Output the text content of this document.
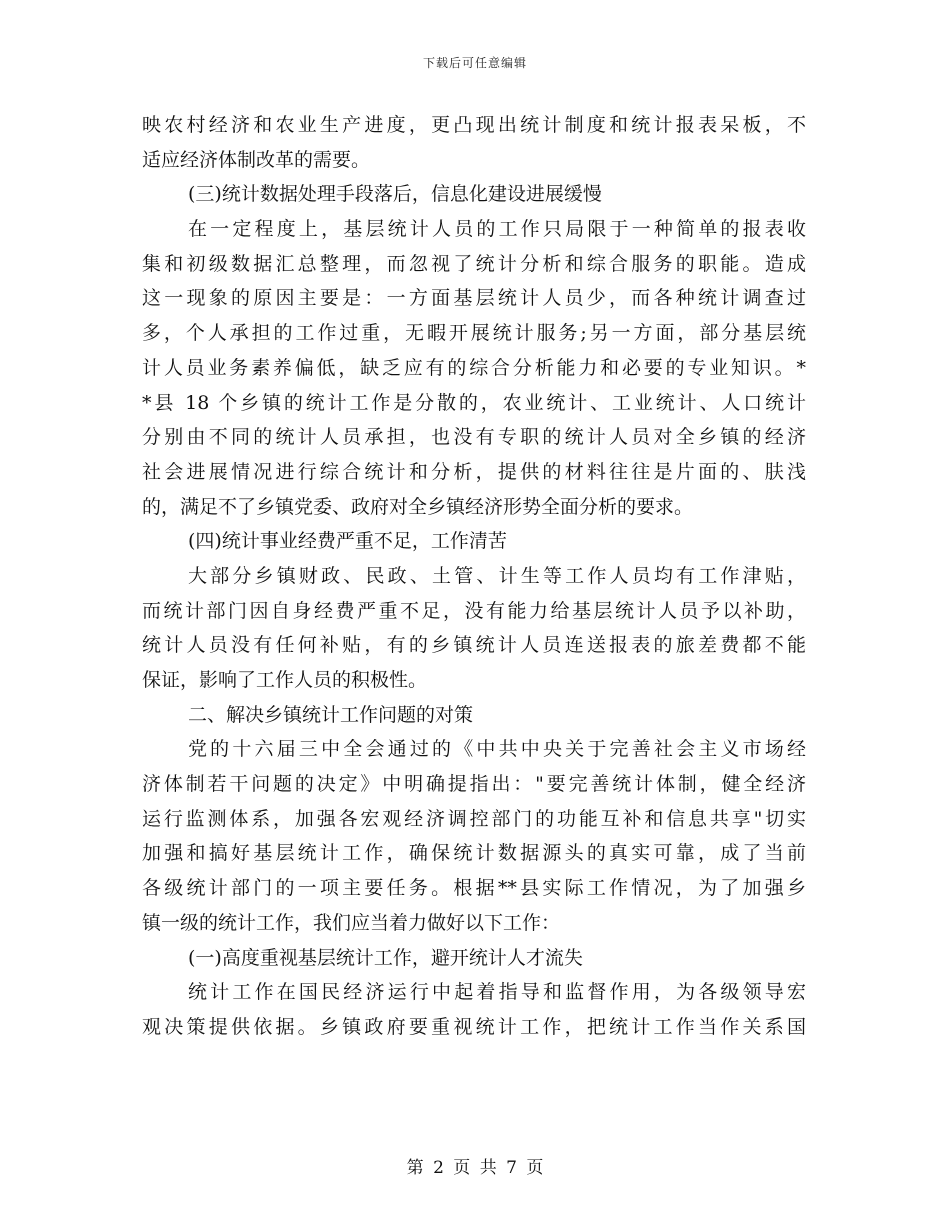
下载后可任意编辑
映农村经济和农业生产进度，更凸现出统计制度和统计报表呆板，不
适应经济体制改革的需要。
(三)统计数据处理手段落后，信息化建设进展缓慢
在一定程度上，基层统计人员的工作只局限于一种简单的报表收
集和初级数据汇总整理，而忽视了统计分析和综合服务的职能。造成
这一现象的原因主要是：一方面基层统计人员少，而各种统计调查过
多，个人承担的工作过重，无暇开展统计服务;另一方面，部分基层统
计人员业务素养偏低，缺乏应有的综合分析能力和必要的专业知识。*
*县 18 个乡镇的统计工作是分散的，农业统计、工业统计、人口统计
分别由不同的统计人员承担，也没有专职的统计人员对全乡镇的经济
社会进展情况进行综合统计和分析，提供的材料往往是片面的、肤浅
的，满足不了乡镇党委、政府对全乡镇经济形势全面分析的要求。
(四)统计事业经费严重不足，工作清苦
大部分乡镇财政、民政、土管、计生等工作人员均有工作津贴，
而统计部门因自身经费严重不足，没有能力给基层统计人员予以补助，
统计人员没有任何补贴，有的乡镇统计人员连送报表的旅差费都不能
保证，影响了工作人员的积极性。
二、解决乡镇统计工作问题的对策
党的十六届三中全会通过的《中共中央关于完善社会主义市场经
济体制若干问题的决定》中明确提指出："要完善统计体制，健全经济
运行监测体系，加强各宏观经济调控部门的功能互补和信息共享"切实
加强和搞好基层统计工作，确保统计数据源头的真实可靠，成了当前
各级统计部门的一项主要任务。根据**县实际工作情况，为了加强乡
镇一级的统计工作，我们应当着力做好以下工作：
(一)高度重视基层统计工作，避开统计人才流失
统计工作在国民经济运行中起着指导和监督作用，为各级领导宏
观决策提供依据。乡镇政府要重视统计工作，把统计工作当作关系国
第 2 页 共 7 页
